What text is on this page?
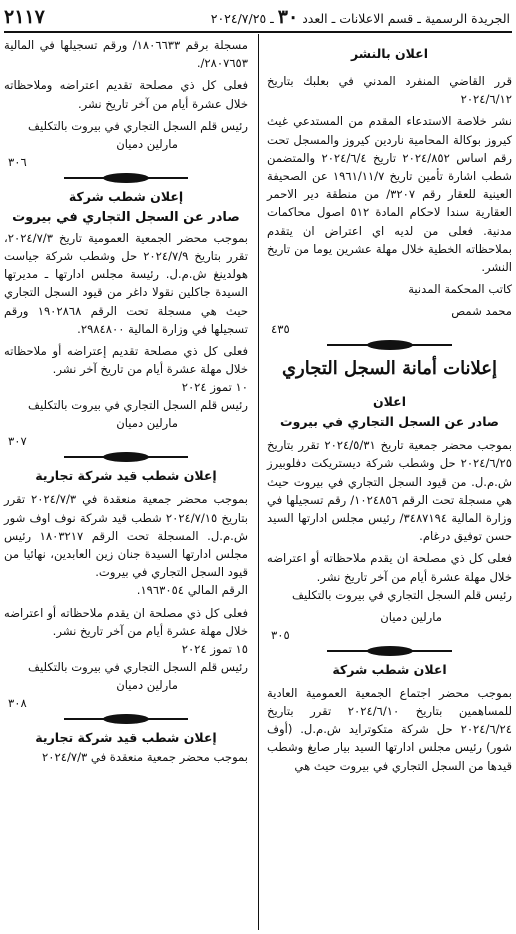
الجريدة الرسمية ـ قسم الاعلانات ـ العدد ٣٠ ـ ٢٠٢٤/٧/٢٥
٢١١٧
اعلان بالنشر

قرر القاضي المنفرد المدني في بعلبك بتاريخ ٢٠٢٤/٦/١٢

نشر خلاصة الاستدعاء المقدم من المستدعي غيث كيروز بوكالة المحامية ناردين كيروز والمسجل تحت رقم اساس ٢٠٢٤/٨٥٢ تاريخ ٢٠٢٤/٦/٤ والمتضمن شطب اشارة تأمين تاريخ ١٩٦١/١١/٧ عن الصحيفة العينية للعقار رقم ٣٢٠٧/ من منطقة دير الاحمر العقارية سندا لاحكام المادة ٥١٢ اصول محاكمات مدنية. فعلى من لديه اي اعتراض ان يتقدم بملاحظاته الخطية خلال مهلة عشرين يوما من تاريخ النشر.

كاتب المحكمة المدنية
محمد شمص
٤٣٥
إعلانات أمانة السجل التجاري
اعلان
صادر عن السجل التجاري في بيروت

بموجب محضر جمعية تاريخ ٢٠٢٤/٥/٣١ تقرر بتاريخ ٢٠٢٤/٦/٢٥ حل وشطب شركة ديستريكت دفلوبيرز ش.م.ل. من قيود السجل التجاري في بيروت حيث هي مسجلة تحت الرقم ١٠٢٤٨٥٦/ رقم تسجيلها في وزارة المالية ٣٤٨٧١٩٤/ رئيس مجلس ادارتها السيد حسن توفيق درغام.

فعلى كل ذي مصلحة ان يقدم ملاحظاته أو اعتراضه خلال مهلة عشرة أيام من آخر تاريخ نشر.

رئيس قلم السجل التجاري في بيروت بالتكليف
مارلين دميان
٣٠٥
اعلان شطب شركة

بموجب محضر اجتماع الجمعية العمومية العادية للمساهمين بتاريخ ٢٠٢٤/٦/١٠ تقرر بتاريخ ٢٠٢٤/٦/٢٤ حل شركة متكوتراید ش.م.ل. (أوف شور) رئيس مجلس ادارتها السيد بيار صايغ وشطب قيدها من السجل التجاري في بيروت حيث هي

مسجلة برقم ١٨٠٦٦٣٣/ ورقم تسجيلها في المالية ٢٨٠٧٦٥٣/.

فعلى كل ذي مصلحة تقديم اعتراضه وملاحظاته خلال عشرة أيام من آخر تاريخ نشر.

رئيس قلم السجل التجاري في بيروت بالتكليف
مارلين دميان
٣٠٦
إعلان شطب شركة
صادر عن السجل التجاري في بيروت

بموجب محضر الجمعية العمومية تاريخ ٢٠٢٤/٧/٣، تقرر بتاريخ ٢٠٢٤/٧/٩ حل وشطب شركة جياست هولدينغ ش.م.ل. رئيسة مجلس ادارتها ـ مديرتها السيدة جاكلين نقولا داغر من قيود السجل التجاري حيث هي مسجلة تحت الرقم ١٩٠٢٨٦٨ ورقم تسجيلها في وزارة المالية ٢٩٨٤٨٠٠.

فعلى كل ذي مصلحة تقديم إعتراضه أو ملاحظاته خلال مهلة عشرة أيام من تاريخ آخر نشر.

١٠ تموز ٢٠٢٤
رئيس قلم السجل التجاري في بيروت بالتكليف
مارلين دميان
٣٠٧
إعلان شطب قيد شركة تجارية

بموجب محضر جمعية منعقدة في ٢٠٢٤/٧/٣ تقرر بتاريخ ٢٠٢٤/٧/١٥ شطب قيد شركة نوف اوف شور ش.م.ل. المسجلة تحت الرقم ١٨٠٣٢١٧ رئيس مجلس ادارتها السيدة جنان زين العابدين، نهائيا من قيود السجل التجاري في بيروت.

الرقم المالي ١٩٦٣٠٥٤.

فعلى كل ذي مصلحة ان يقدم ملاحظاته أو اعتراضه خلال مهلة عشرة أيام من آخر تاريخ نشر.

١٥ تموز ٢٠٢٤
رئيس قلم السجل التجاري في بيروت بالتكليف
مارلين دميان
٣٠٨
إعلان شطب قيد شركة تجارية

بموجب محضر جمعية منعقدة في ٢٠٢٤/٧/٣
